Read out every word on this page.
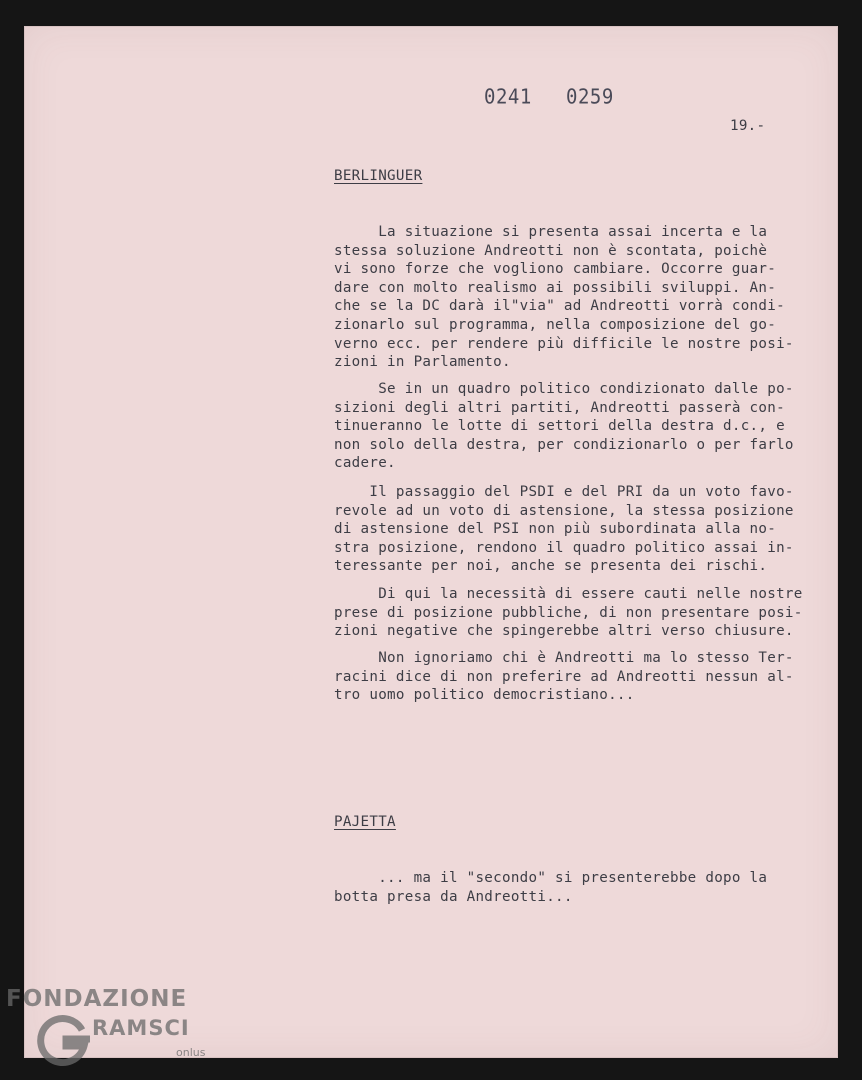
0241 0259
19.-
BERLINGUER
La situazione si presenta assai incerta e la
stessa soluzione Andreotti non è scontata, poichè
vi sono forze che vogliono cambiare. Occorre guar-
dare con molto realismo ai possibili sviluppi. An-
che se la DC darà il"via" ad Andreotti vorrà condi-
zionarlo sul programma, nella composizione del go-
verno ecc. per rendere più difficile le nostre posi-
zioni in Parlamento.
Se in un quadro politico condizionato dalle po-
sizioni degli altri partiti, Andreotti passerà con-
tinueranno le lotte di settori della destra d.c., e
non solo della destra, per condizionarlo o per farlo
cadere.
Il passaggio del PSDI e del PRI da un voto favo-
revole ad un voto di astensione, la stessa posizione
di astensione del PSI non più subordinata alla no-
stra posizione, rendono il quadro politico assai in-
teressante per noi, anche se presenta dei rischi.
Di qui la necessità di essere cauti nelle nostre
prese di posizione pubbliche, di non presentare posi-
zioni negative che spingerebbe altri verso chiusure.
Non ignoriamo chi è Andreotti ma lo stesso Ter-
racini dice di non preferire ad Andreotti nessun al-
tro uomo politico democristiano...
PAJETTA
... ma il "secondo" si presenterebbe dopo la
botta presa da Andreotti...
FONDAZIONE
RAMSCI
onlus
